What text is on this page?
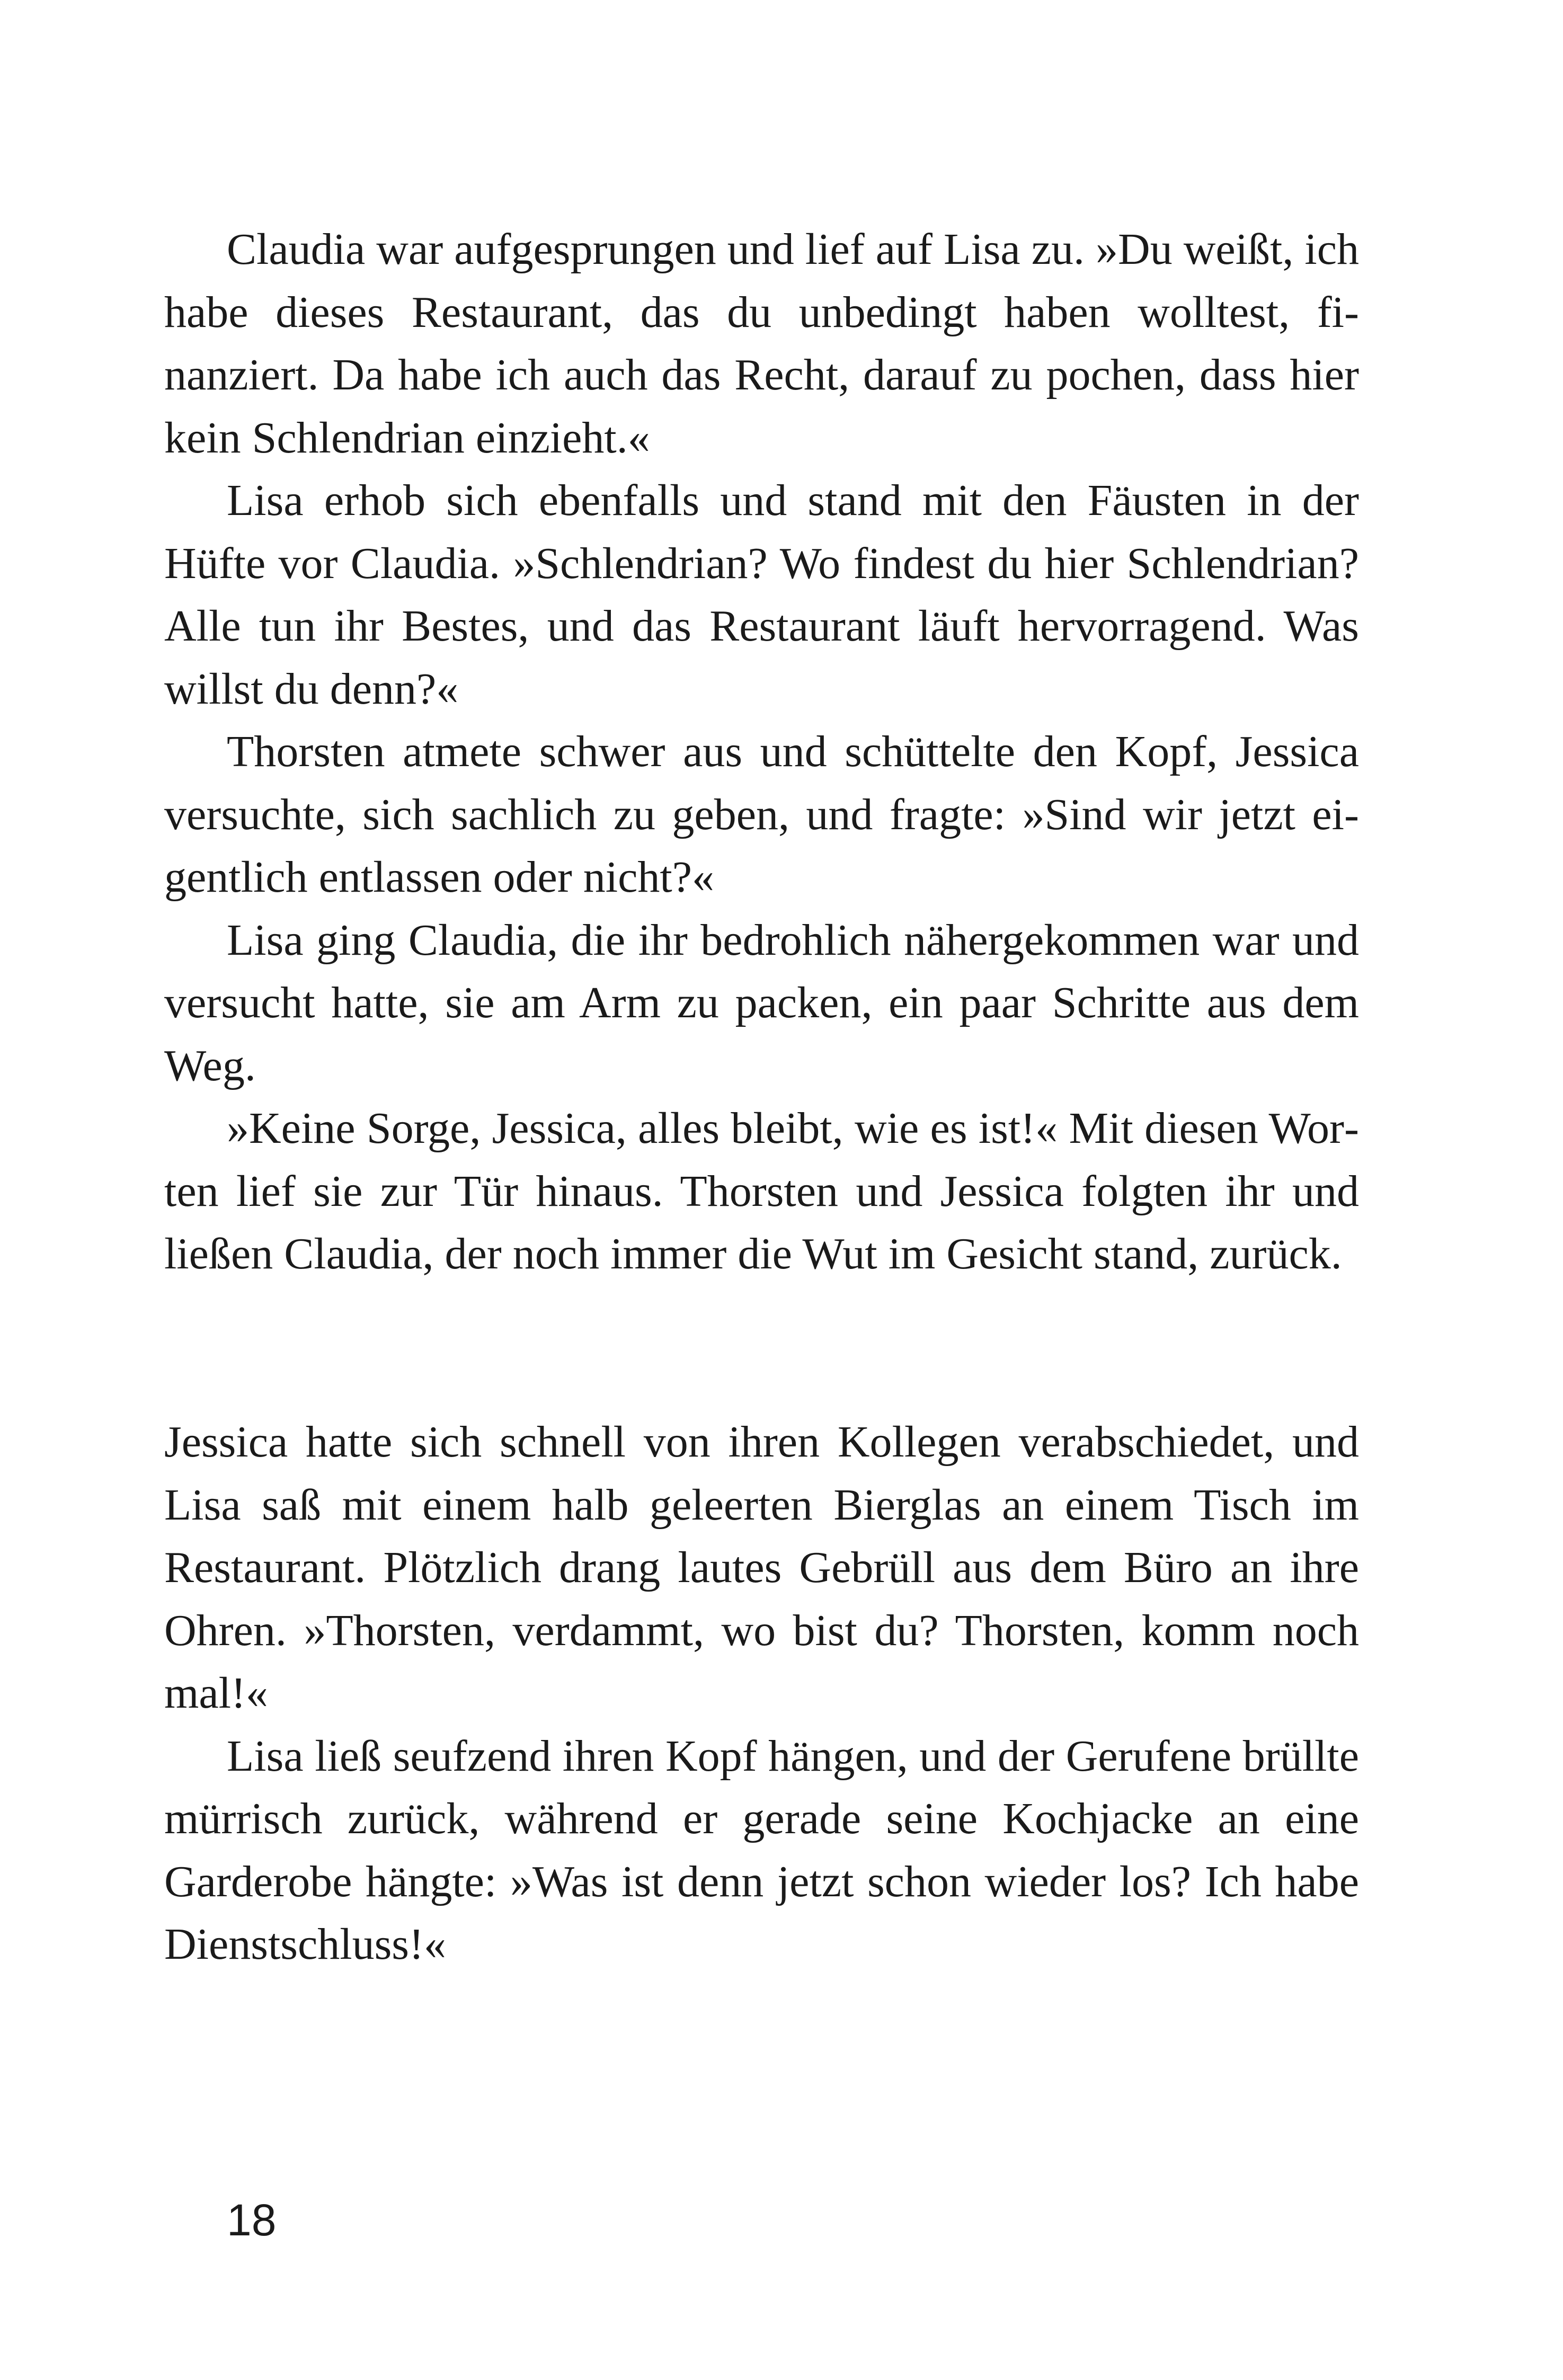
Claudia war aufgesprungen und lief auf Lisa zu. »Du weißt, ich habe dieses Restaurant, das du unbedingt haben wolltest, finanziert. Da habe ich auch das Recht, darauf zu pochen, dass hier kein Schlendrian einzieht.«

Lisa erhob sich ebenfalls und stand mit den Fäusten in der Hüfte vor Claudia. »Schlendrian? Wo findest du hier Schlendrian? Alle tun ihr Bestes, und das Restaurant läuft hervorragend. Was willst du denn?«

Thorsten atmete schwer aus und schüttelte den Kopf, Jessica versuchte, sich sachlich zu geben, und fragte: »Sind wir jetzt eigentlich entlassen oder nicht?«

Lisa ging Claudia, die ihr bedrohlich nähergekommen war und versucht hatte, sie am Arm zu packen, ein paar Schritte aus dem Weg.

»Keine Sorge, Jessica, alles bleibt, wie es ist!« Mit diesen Worten lief sie zur Tür hinaus. Thorsten und Jessica folgten ihr und ließen Claudia, der noch immer die Wut im Gesicht stand, zurück.

Jessica hatte sich schnell von ihren Kollegen verabschiedet, und Lisa saß mit einem halb geleerten Bierglas an einem Tisch im Restaurant. Plötzlich drang lautes Gebrüll aus dem Büro an ihre Ohren. »Thorsten, verdammt, wo bist du? Thorsten, komm noch mal!«

Lisa ließ seufzend ihren Kopf hängen, und der Gerufene brüllte mürrisch zurück, während er gerade seine Kochjacke an eine Garderobe hängte: »Was ist denn jetzt schon wieder los? Ich habe Dienstschluss!«

18
